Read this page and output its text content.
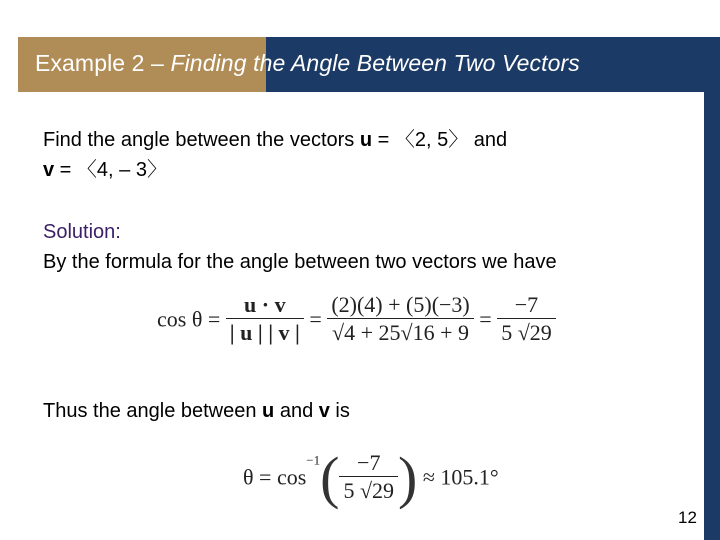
Example 2 – Finding the Angle Between Two Vectors
Find the angle between the vectors u = 〈2, 5〉 and
v = 〈4, – 3〉
Solution:
By the formula for the angle between two vectors we have
$\cos \theta = \frac{u \cdot v}{| u | | v |} = \frac{(2)(4) + (5)(-3)}{√4 + 25√16 + 9} = \frac{-7}{5 √29}$
Thus the angle between u and v is
$\theta = \cos^{-1}( \frac{-7}{5 √29}$ ) ≈ 105.1°
12
